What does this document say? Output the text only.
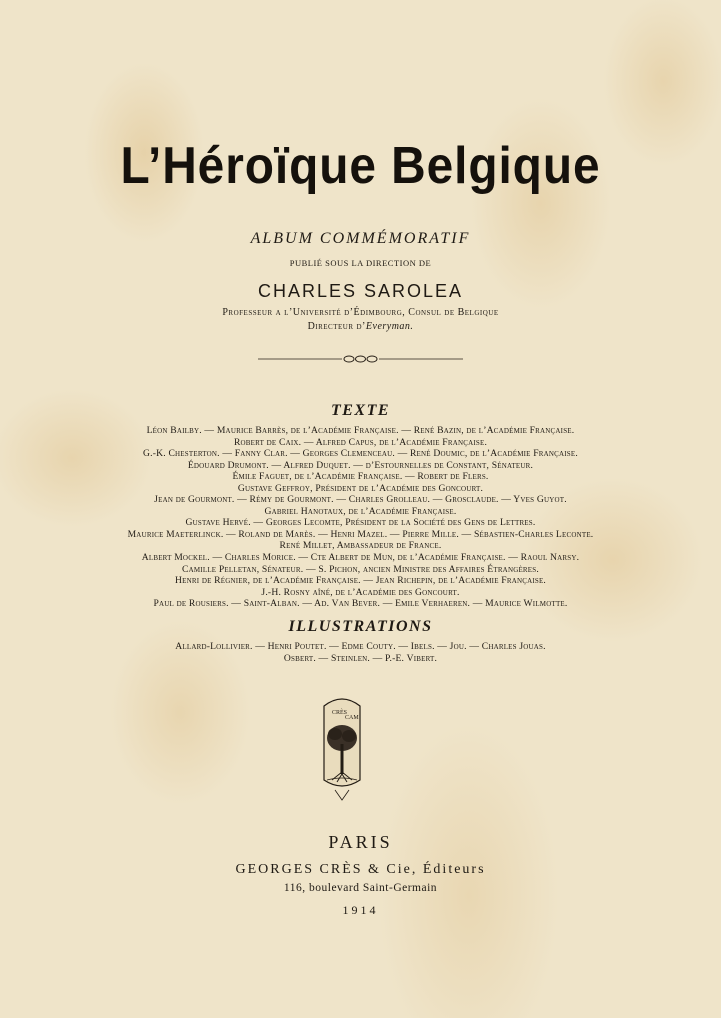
L’Héroïque Belgique
ALBUM COMMÉMORATIF
PUBLIÉ SOUS LA DIRECTION DE
CHARLES SAROLEA
Professeur a l’Université d’Édimbourg, Consul de Belgique
Directeur d’Everyman.
TEXTE
Léon Bailby. — Maurice Barrès, de l’Académie Française. — René Bazin, de l’Académie Française.
Robert de Caix. — Alfred Capus, de l’Académie Française.
G.-K. Chesterton. — Fanny Clar. — Georges Clemenceau. — René Doumic, de l’Académie Française.
Édouard Drumont. — Alfred Duquet. — d’Estournelles de Constant, Sénateur.
Émile Faguet, de l’Académie Française. — Robert de Flers.
Gustave Geffroy, Président de l’Académie des Goncourt.
Jean de Gourmont. — Rémy de Gourmont. — Charles Grolleau. — Grosclaude. — Yves Guyot.
Gabriel Hanotaux, de l’Académie Française.
Gustave Hervé. — Georges Lecomte, Président de la Société des Gens de Lettres.
Maurice Maeterlinck. — Roland de Marès. — Henri Mazel. — Pierre Mille. — Sébastien-Charles Leconte.
René Millet, Ambassadeur de France.
Albert Mockel. — Charles Morice. — Cte Albert de Mun, de l’Académie Française. — Raoul Narsy.
Camille Pelletan, Sénateur. — S. Pichon, ancien Ministre des Affaires Étrangères.
Henri de Régnier, de l’Académie Française. — Jean Richepin, de l’Académie Française.
J.-H. Rosny aîné, de l’Académie des Goncourt.
Paul de Rousiers. — Saint-Alban. — Ad. Van Bever. — Emile Verhaeren. — Maurice Wilmotte.
ILLUSTRATIONS
Allard-Lollivier. — Henri Poutet. — Edme Couty. — Ibels. — Jou. — Charles Jouas.
Osbert. — Steinlen. — P.-E. Vibert.
CRÈS
CAM
PARIS
GEORGES CRÈS & Cie, Éditeurs
116, boulevard Saint-Germain
1914
